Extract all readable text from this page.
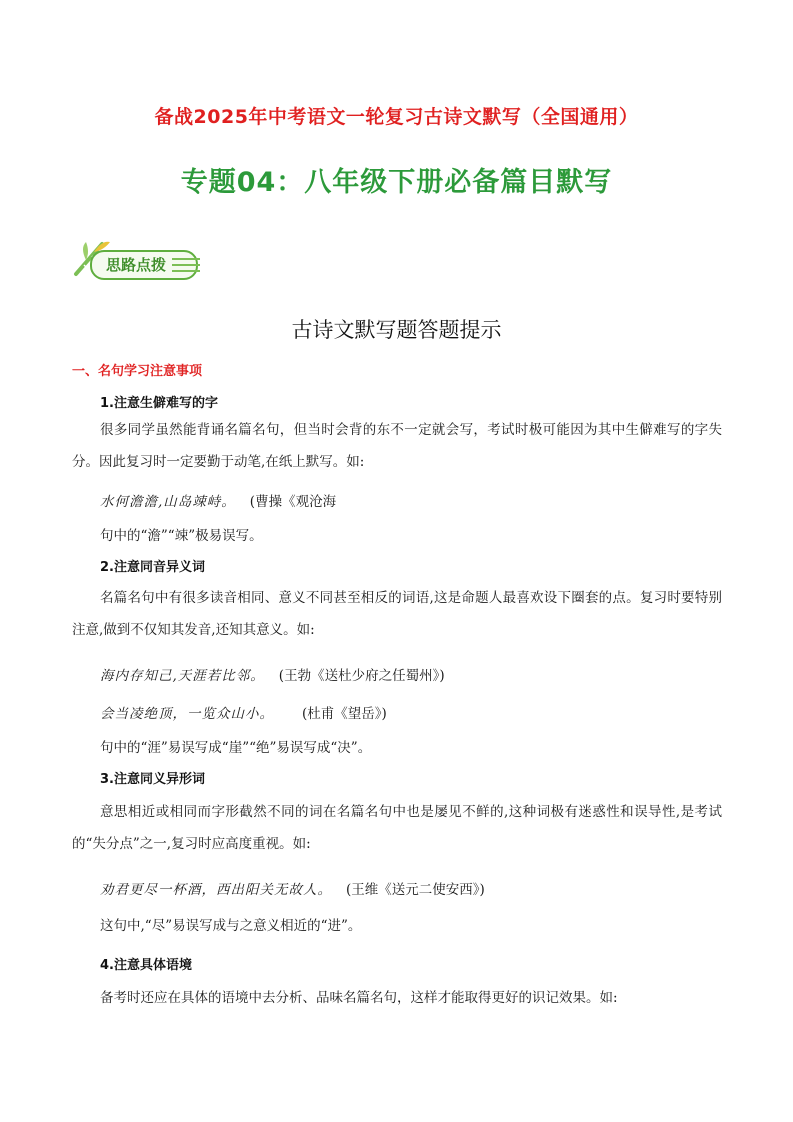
备战2025年中考语文一轮复习古诗文默写（全国通用）
专题04：八年级下册必备篇目默写
思路点拨
古诗文默写题答题提示
一、名句学习注意事项
1.注意生僻难写的字
很多同学虽然能背诵名篇名句，但当时会背的东不一定就会写，考试时极可能因为其中生僻难写的字失分。因此复习时一定要勤于动笔,在纸上默写。如:
水何澹澹,山岛竦峙。 (曹操《观沧海
句中的“澹”“竦”极易误写。
2.注意同音异义词
名篇名句中有很多读音相同、意义不同甚至相反的词语,这是命题人最喜欢设下圈套的点。复习时要特别注意,做到不仅知其发音,还知其意义。如:
海内存知己,天涯若比邻。 (王勃《送杜少府之任蜀州》)
会当凌绝顶，一览众山小。 (杜甫《望岳》)
句中的“涯”易误写成“崖”“绝”易误写成“决”。
3.注意同义异形词
意思相近或相同而字形截然不同的词在名篇名句中也是屡见不鲜的,这种词极有迷惑性和误导性,是考试的“失分点”之一,复习时应高度重视。如:
劝君更尽一杯酒，西出阳关无故人。 (王维《送元二使安西》)
这句中,“尽”易误写成与之意义相近的“进”。
4.注意具体语境
备考时还应在具体的语境中去分析、品味名篇名句，这样才能取得更好的识记效果。如:
